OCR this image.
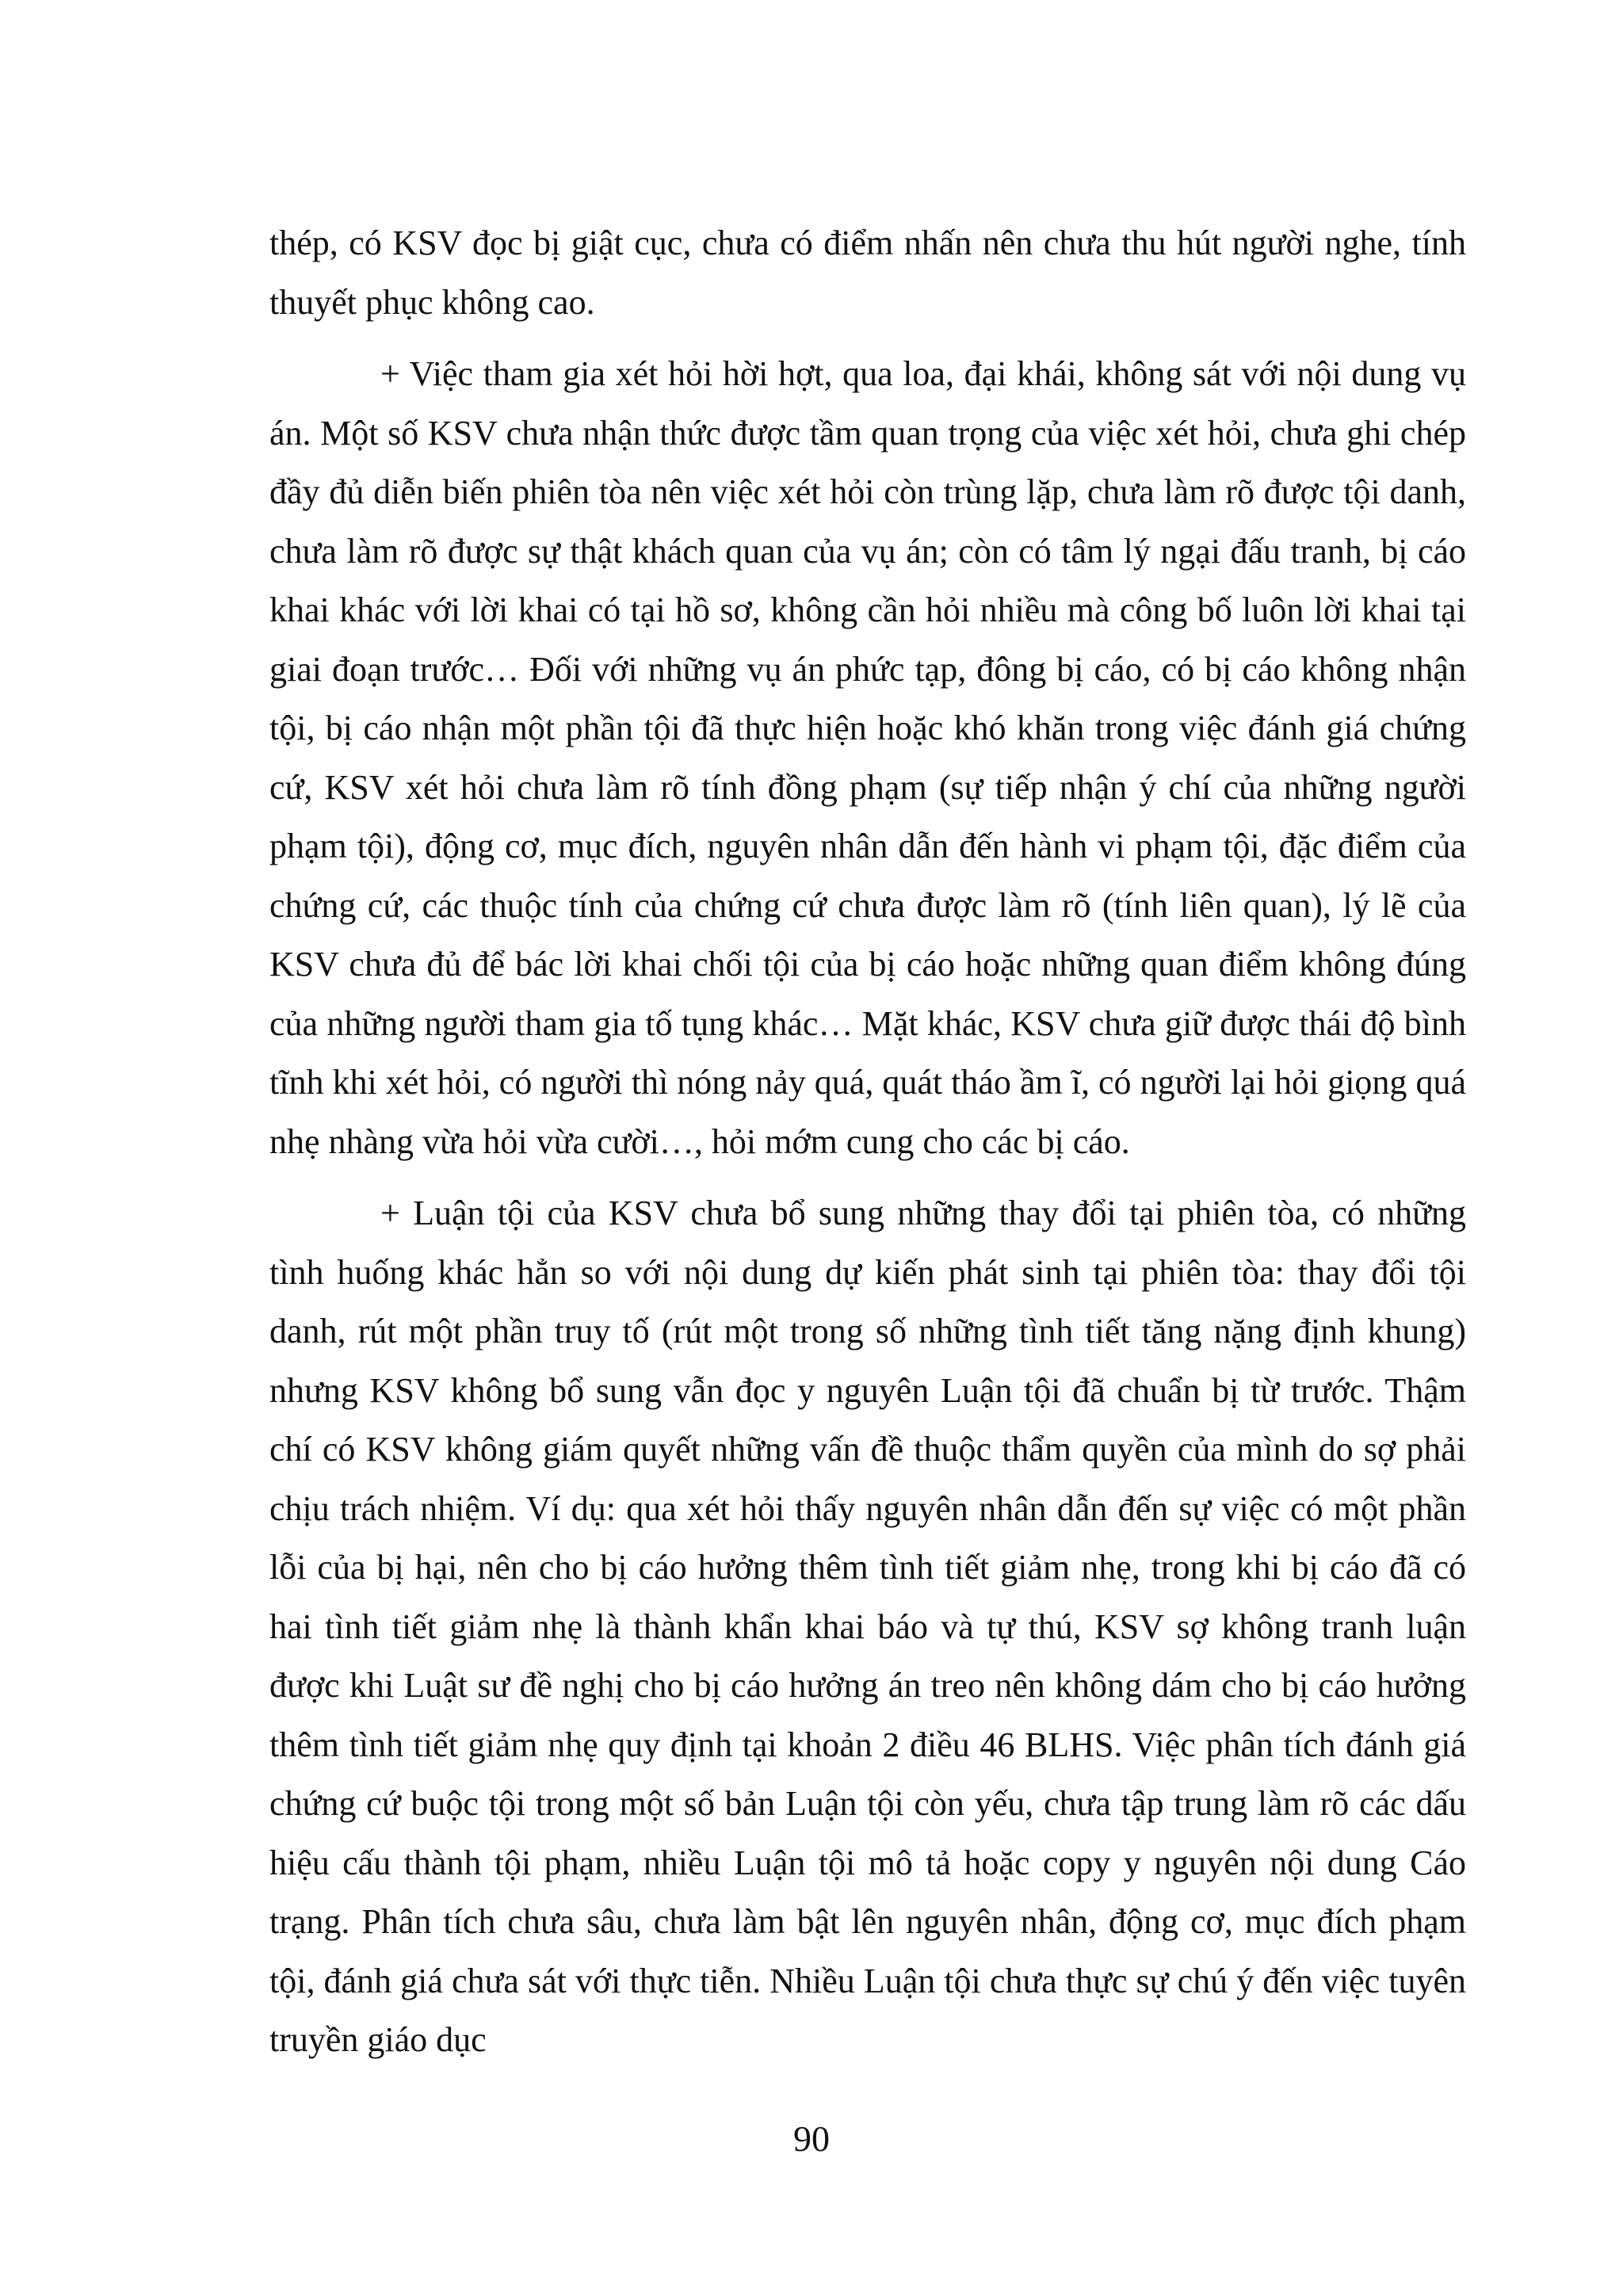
thép, có KSV đọc bị giật cục, chưa có điểm nhấn nên chưa thu hút người nghe, tính thuyết phục không cao.

+ Việc tham gia xét hỏi hời hợt, qua loa, đại khái, không sát với nội dung vụ án. Một số KSV chưa nhận thức được tầm quan trọng của việc xét hỏi, chưa ghi chép đầy đủ diễn biến phiên tòa nên việc xét hỏi còn trùng lặp, chưa làm rõ được tội danh, chưa làm rõ được sự thật khách quan của vụ án; còn có tâm lý ngại đấu tranh, bị cáo khai khác với lời khai có tại hồ sơ, không cần hỏi nhiều mà công bố luôn lời khai tại giai đoạn trước… Đối với những vụ án phức tạp, đông bị cáo, có bị cáo không nhận tội, bị cáo nhận một phần tội đã thực hiện hoặc khó khăn trong việc đánh giá chứng cứ, KSV xét hỏi chưa làm rõ tính đồng phạm (sự tiếp nhận ý chí của những người phạm tội), động cơ, mục đích, nguyên nhân dẫn đến hành vi phạm tội, đặc điểm của chứng cứ, các thuộc tính của chứng cứ chưa được làm rõ (tính liên quan), lý lẽ của KSV chưa đủ để bác lời khai chối tội của bị cáo hoặc những quan điểm không đúng của những người tham gia tố tụng khác… Mặt khác, KSV chưa giữ được thái độ bình tĩnh khi xét hỏi, có người thì nóng nảy quá, quát tháo ầm ĩ, có người lại hỏi giọng quá nhẹ nhàng vừa hỏi vừa cười…, hỏi mớm cung cho các bị cáo.

+ Luận tội của KSV chưa bổ sung những thay đổi tại phiên tòa, có những tình huống khác hẳn so với nội dung dự kiến phát sinh tại phiên tòa: thay đổi tội danh, rút một phần truy tố (rút một trong số những tình tiết tăng nặng định khung) nhưng KSV không bổ sung vẫn đọc y nguyên Luận tội đã chuẩn bị từ trước. Thậm chí có KSV không giám quyết những vấn đề thuộc thẩm quyền của mình do sợ phải chịu trách nhiệm. Ví dụ: qua xét hỏi thấy nguyên nhân dẫn đến sự việc có một phần lỗi của bị hại, nên cho bị cáo hưởng thêm tình tiết giảm nhẹ, trong khi bị cáo đã có hai tình tiết giảm nhẹ là thành khẩn khai báo và tự thú, KSV sợ không tranh luận được khi Luật sư đề nghị cho bị cáo hưởng án treo nên không dám cho bị cáo hưởng thêm tình tiết giảm nhẹ quy định tại khoản 2 điều 46 BLHS. Việc phân tích đánh giá chứng cứ buộc tội trong một số bản Luận tội còn yếu, chưa tập trung làm rõ các dấu hiệu cấu thành tội phạm, nhiều Luận tội mô tả hoặc copy y nguyên nội dung Cáo trạng. Phân tích chưa sâu, chưa làm bật lên nguyên nhân, động cơ, mục đích phạm tội, đánh giá chưa sát với thực tiễn. Nhiều Luận tội chưa thực sự chú ý đến việc tuyên truyền giáo dục

90
